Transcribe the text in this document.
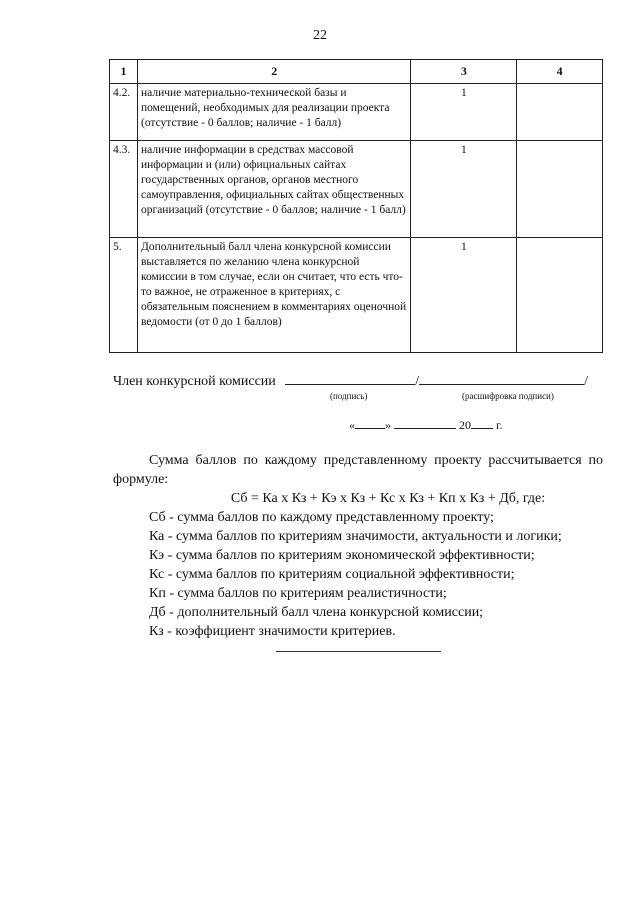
22
1	2	3	4
4.2.	наличие материально-технической базы и помещений, необходимых для реализации проекта (отсутствие - 0 баллов; наличие - 1 балл)	1	
4.3.	наличие информации в средствах массовой информации и (или) официальных сайтах государственных органов, органов местного самоуправления, официальных сайтах общественных организаций (отсутствие - 0 баллов; наличие - 1 балл)	1	
5.	Дополнительный балл члена конкурсной комиссии выставляется по желанию члена конкурсной комиссии в том случае, если он считает, что есть что-то важное, не отраженное в критериях, с обязательным пояснением в комментариях оценочной ведомости (от 0 до 1 баллов)	1	
Член конкурсной комиссии	/	/
(подпись)	(расшифровка подписи)
«	»	20 г.

Сумма баллов по каждому представленному проекту рассчитывается по формуле:

Сб = Ка х Кз + Кэ х Кз + Кс х Кз + Кп х Кз + Дб, где:

Сб - сумма баллов по каждому представленному проекту;

Ка - сумма баллов по критериям значимости, актуальности и логики;

Кэ - сумма баллов по критериям экономической эффективности;

Кс - сумма баллов по критериям социальной эффективности;

Кп - сумма баллов по критериям реалистичности;

Дб - дополнительный балл члена конкурсной комиссии;

Кз - коэффициент значимости критериев.
